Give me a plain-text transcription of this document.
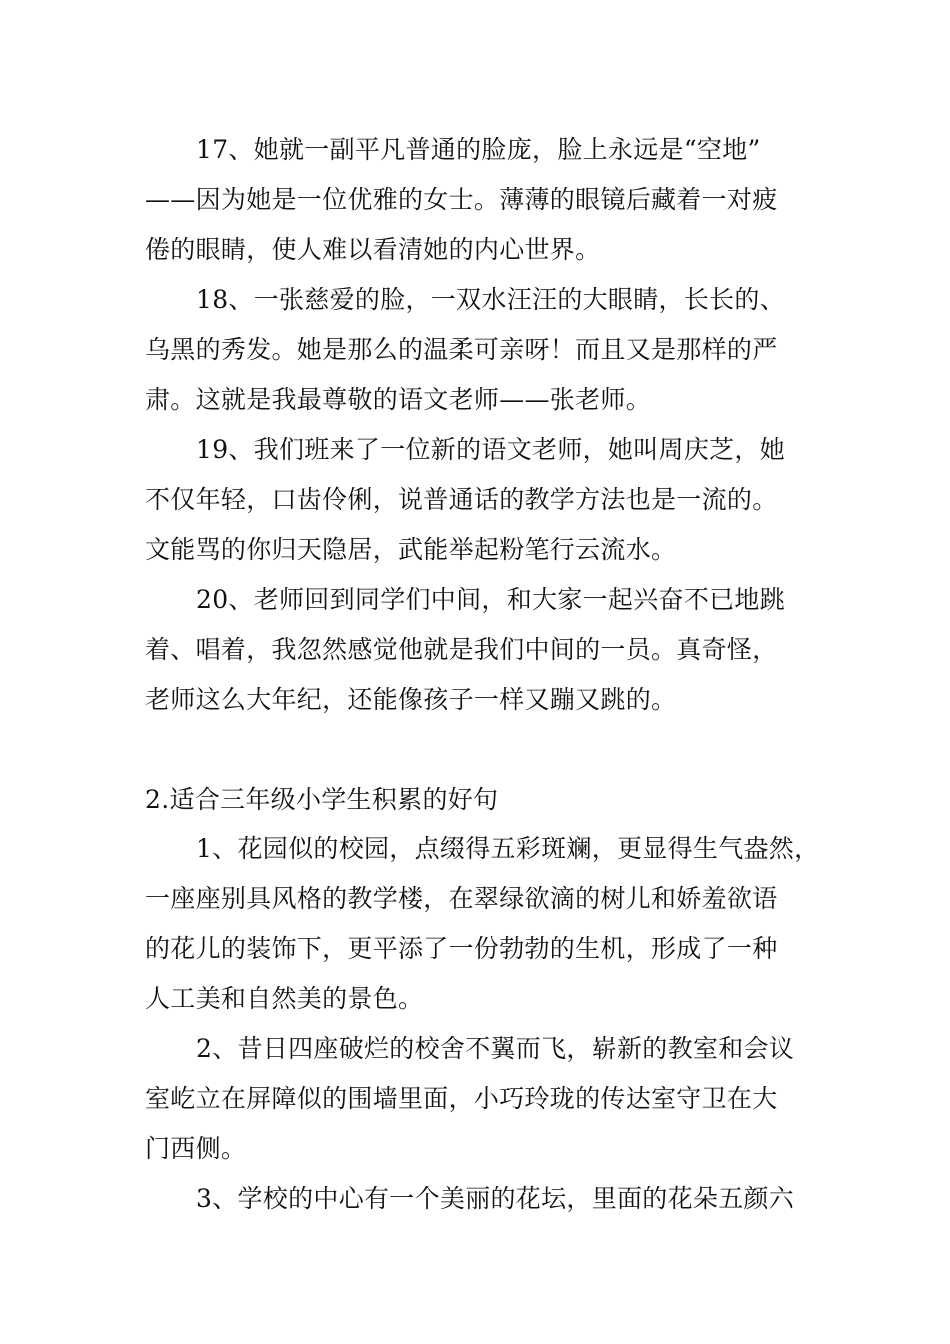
17、她就一副平凡普通的脸庞，脸上永远是“空地”
——因为她是一位优雅的女士。薄薄的眼镜后藏着一对疲
倦的眼睛，使人难以看清她的内心世界。
18、一张慈爱的脸，一双水汪汪的大眼睛，长长的、
乌黑的秀发。她是那么的温柔可亲呀！而且又是那样的严
肃。这就是我最尊敬的语文老师——张老师。
19、我们班来了一位新的语文老师，她叫周庆芝，她
不仅年轻，口齿伶俐，说普通话的教学方法也是一流的。
文能骂的你归天隐居，武能举起粉笔行云流水。
20、老师回到同学们中间，和大家一起兴奋不已地跳
着、唱着，我忽然感觉他就是我们中间的一员。真奇怪，
老师这么大年纪，还能像孩子一样又蹦又跳的。
2.适合三年级小学生积累的好句
1、花园似的校园，点缀得五彩斑斓，更显得生气盎然，
一座座别具风格的教学楼，在翠绿欲滴的树儿和娇羞欲语
的花儿的装饰下，更平添了一份勃勃的生机，形成了一种
人工美和自然美的景色。
2、昔日四座破烂的校舍不翼而飞，崭新的教室和会议
室屹立在屏障似的围墙里面，小巧玲珑的传达室守卫在大
门西侧。
3、学校的中心有一个美丽的花坛，里面的花朵五颜六
